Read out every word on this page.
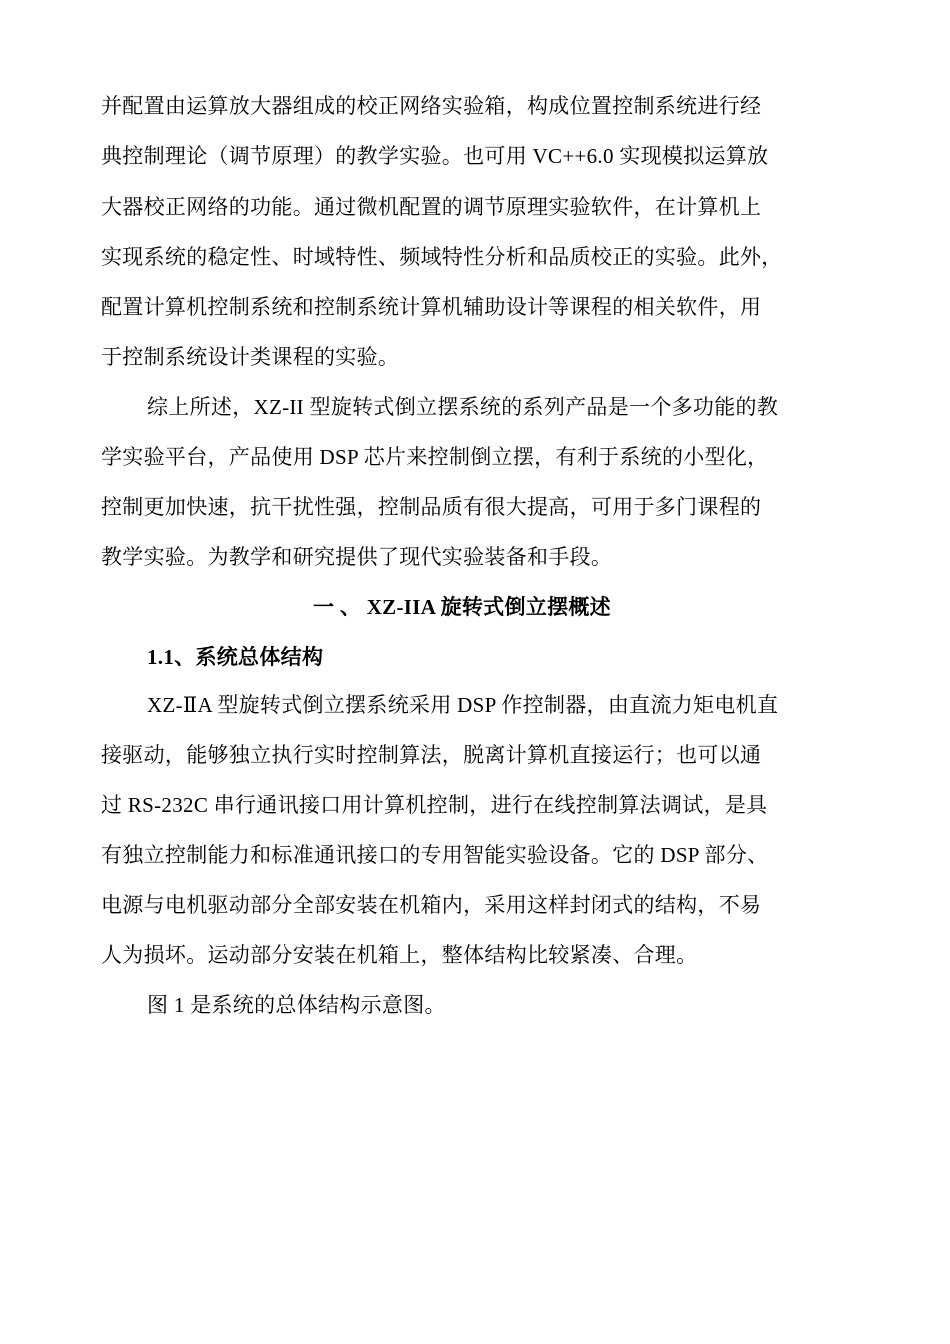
并配置由运算放大器组成的校正网络实验箱，构成位置控制系统进行经
典控制理论（调节原理）的教学实验。也可用 VC++6.0 实现模拟运算放
大器校正网络的功能。通过微机配置的调节原理实验软件，在计算机上
实现系统的稳定性、时域特性、频域特性分析和品质校正的实验。此外，
配置计算机控制系统和控制系统计算机辅助设计等课程的相关软件，用
于控制系统设计类课程的实验。
综上所述，XZ-II 型旋转式倒立摆系统的系列产品是一个多功能的教
学实验平台，产品使用 DSP 芯片来控制倒立摆，有利于系统的小型化，
控制更加快速，抗干扰性强，控制品质有很大提高，可用于多门课程的
教学实验。为教学和研究提供了现代实验装备和手段。
一 、 XZ-IIA 旋转式倒立摆概述
1.1、系统总体结构
XZ-ⅡA 型旋转式倒立摆系统采用 DSP 作控制器，由直流力矩电机直
接驱动，能够独立执行实时控制算法，脱离计算机直接运行；也可以通
过 RS-232C 串行通讯接口用计算机控制，进行在线控制算法调试，是具
有独立控制能力和标准通讯接口的专用智能实验设备。它的 DSP 部分、
电源与电机驱动部分全部安装在机箱内，采用这样封闭式的结构，不易
人为损坏。运动部分安装在机箱上，整体结构比较紧凑、合理。
图 1 是系统的总体结构示意图。
